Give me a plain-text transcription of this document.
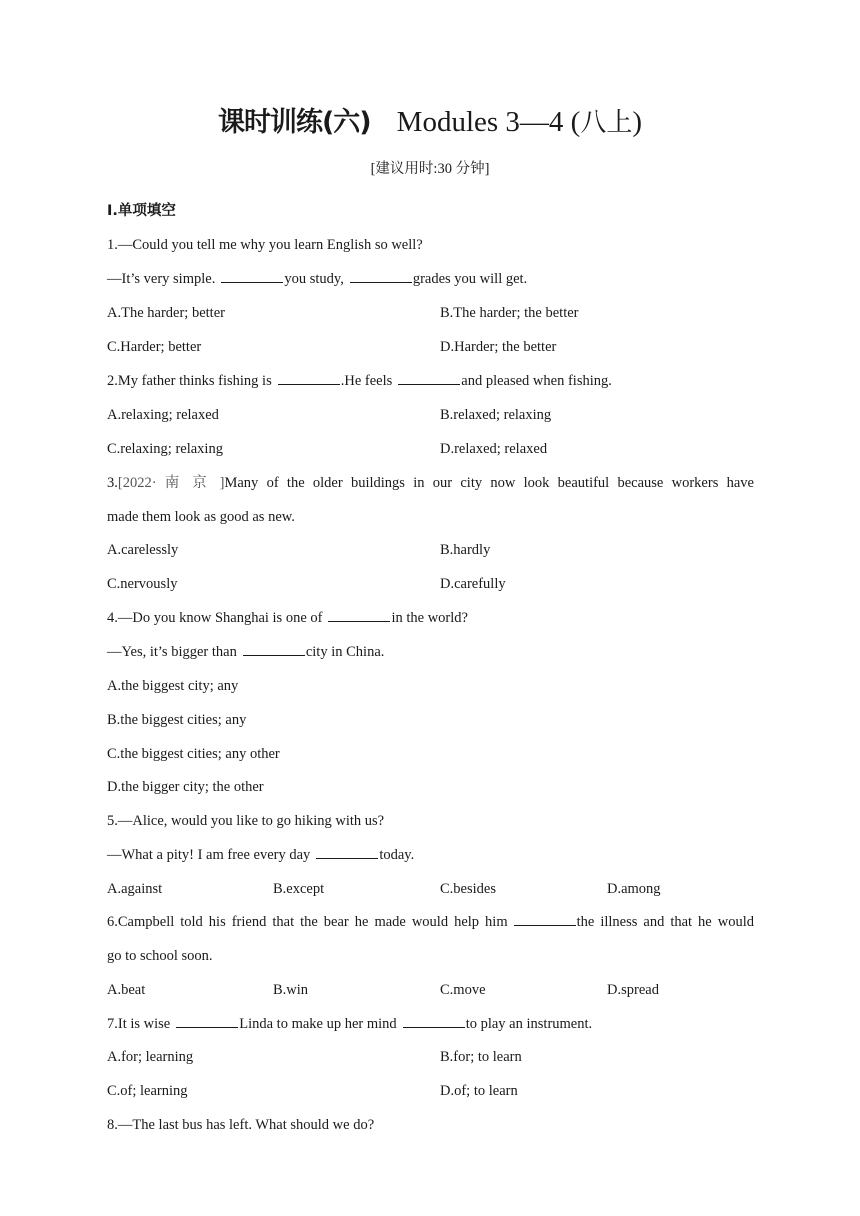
课时训练(六) Modules 3—4 (八上)
[建议用时:30 分钟]
Ⅰ.单项填空
1.—Could you tell me why you learn English so well?
—It’s very simple.	you study,	grades you will get.
A.The harder; better	B.The harder; the better
C.Harder; better	D.Harder; the better
2.My father thinks fishing is	.He feels	and pleased when fishing.
A.relaxing; relaxed	B.relaxed; relaxing
C.relaxing; relaxing	D.relaxed; relaxed
3.[2022· 南 京 ]Many of the older buildings in our city now look beautiful because workers have
made them look as good as new.
A.carelessly	B.hardly
C.nervously	D.carefully
4.—Do you know Shanghai is one of	in the world?
—Yes, it’s bigger than	city in China.
A.the biggest city; any
B.the biggest cities; any
C.the biggest cities; any other
D.the bigger city; the other
5.—Alice, would you like to go hiking with us?
—What a pity! I am free every day	today.
A.against	B.except	C.besides	D.among
6.Campbell told his friend that the bear he made would help him	the illness and that he would
go to school soon.
A.beat	B.win	C.move	D.spread
7.It is wise	Linda to make up her mind	to play an instrument.
A.for; learning	B.for; to learn
C.of; learning	D.of; to learn
8.—The last bus has left. What should we do?
